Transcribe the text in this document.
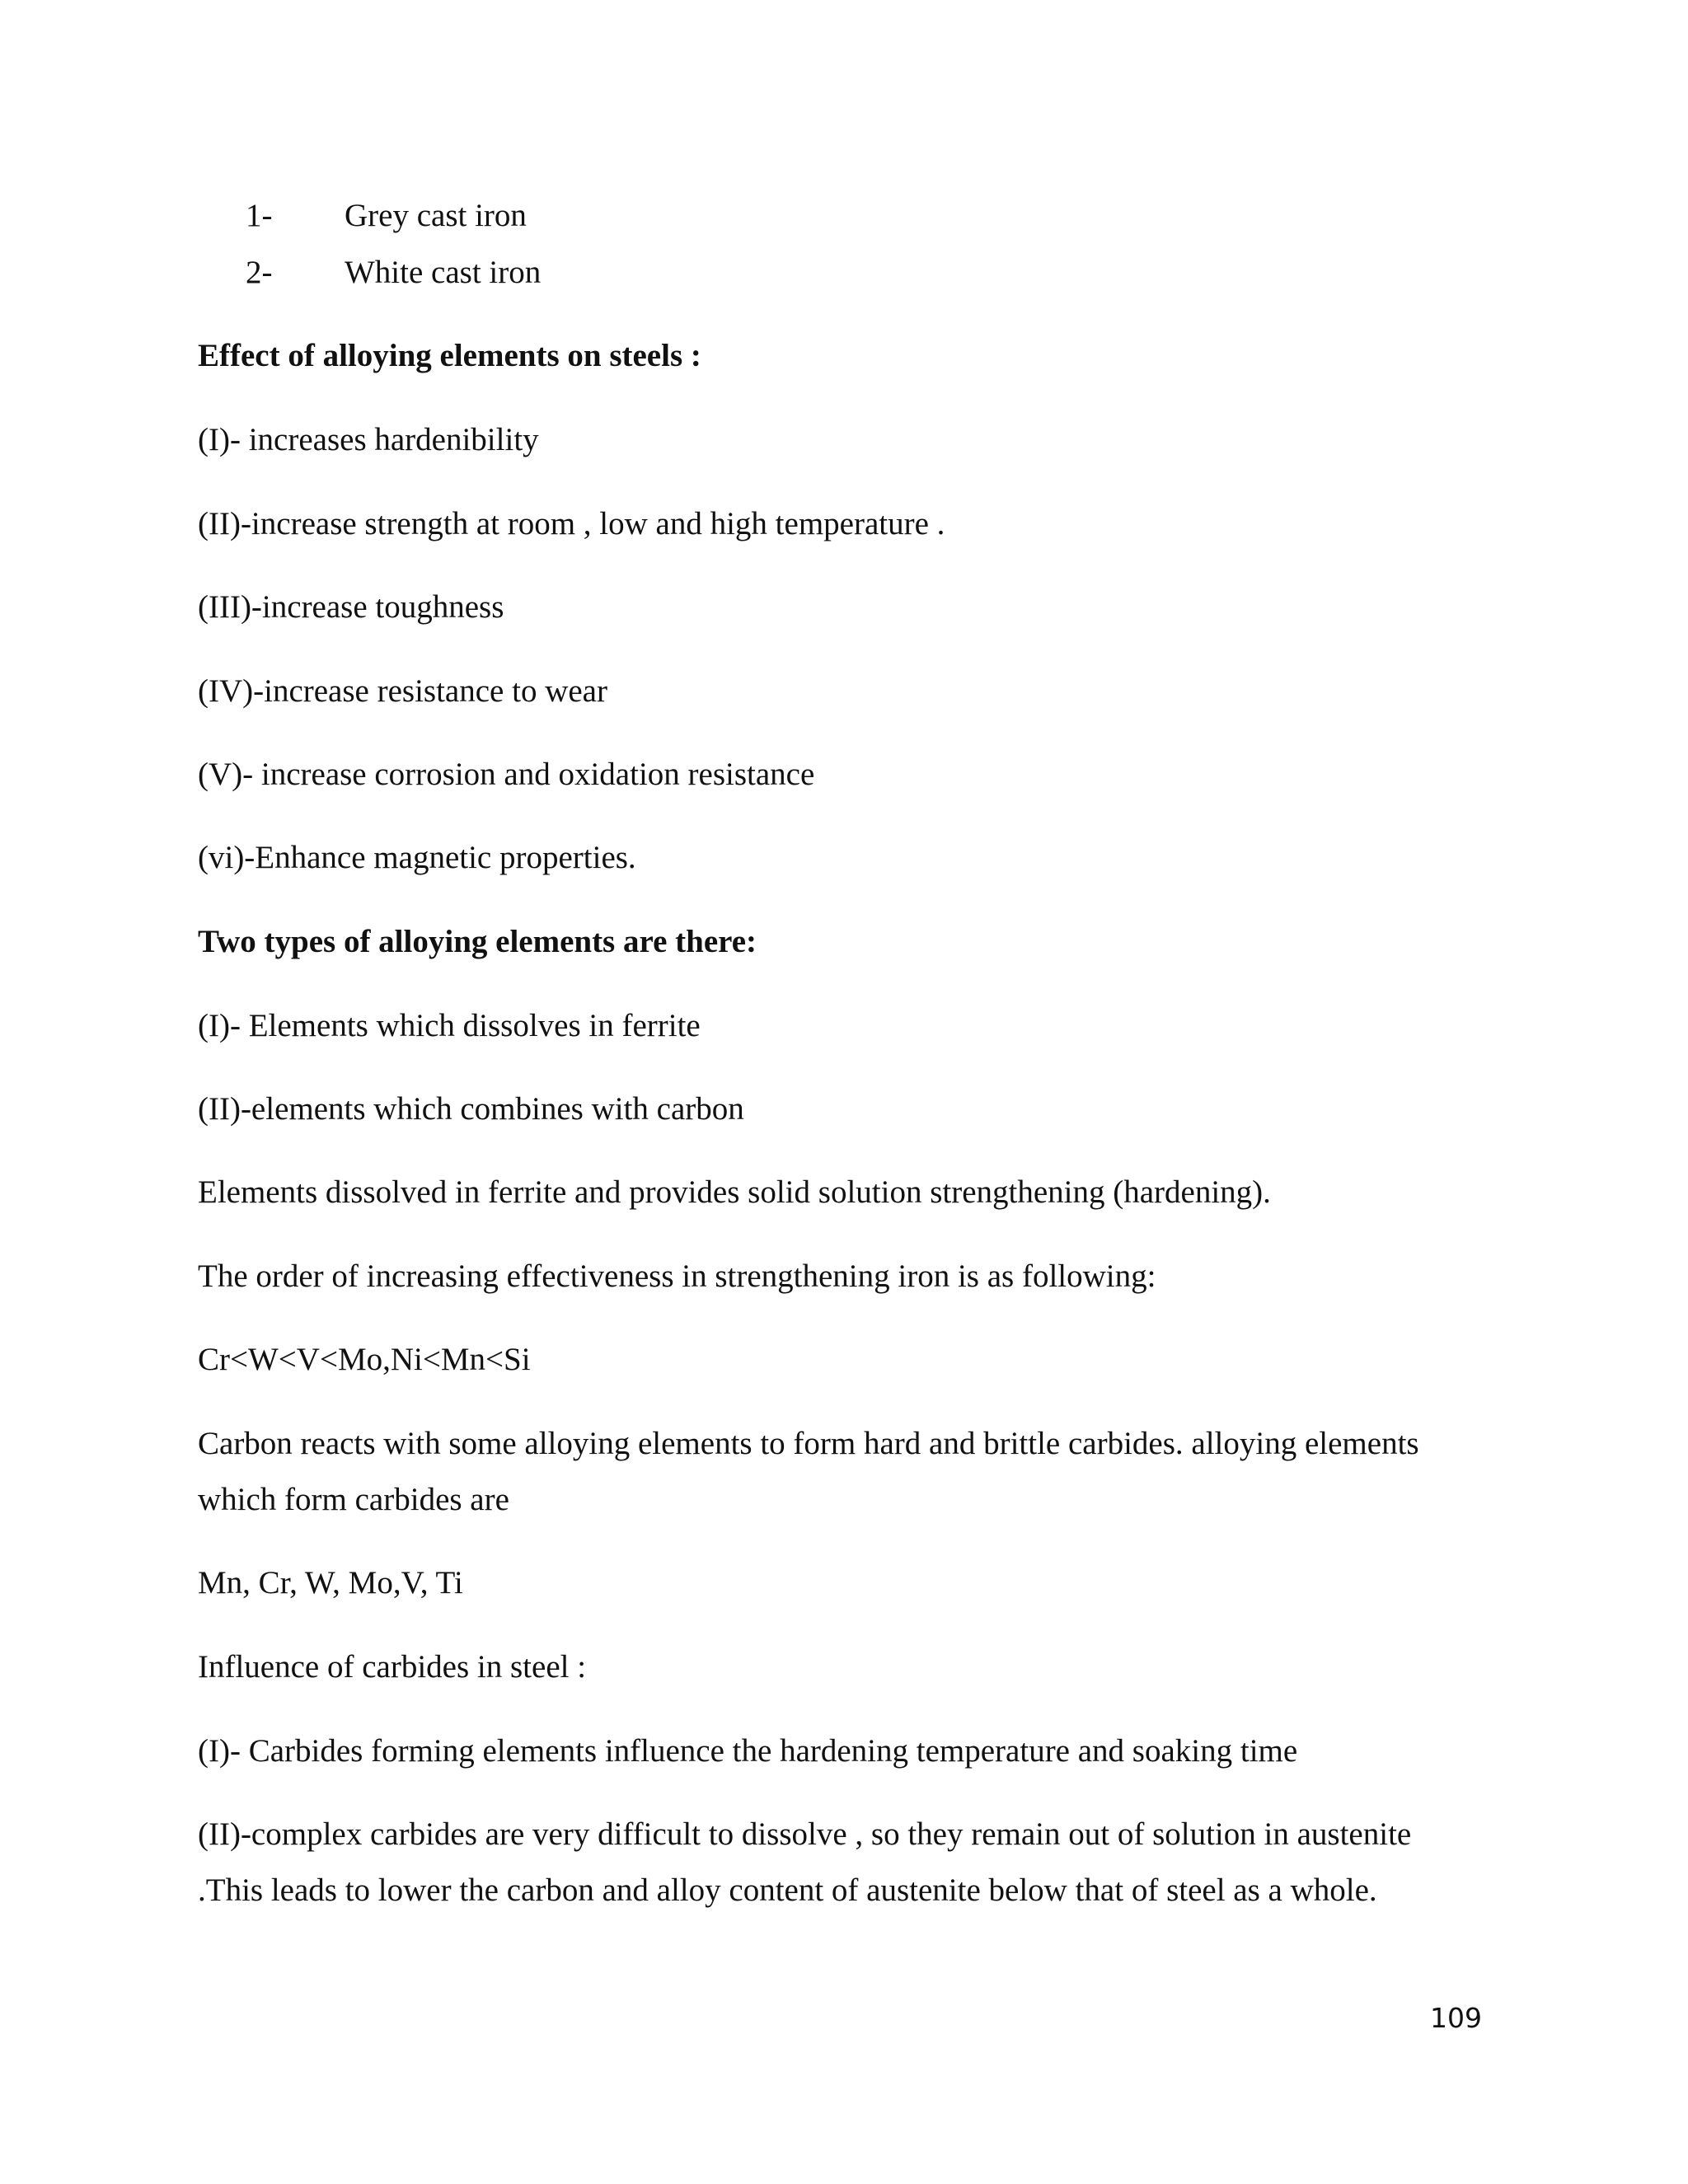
1- Grey cast iron
2- White cast iron
Effect of alloying elements on steels :
(I)- increases hardenibility
(II)-increase strength at room , low and high temperature .
(III)-increase toughness
(IV)-increase resistance to wear
(V)- increase corrosion and oxidation resistance
(vi)-Enhance magnetic properties.
Two types of alloying elements are there:
(I)- Elements which dissolves in ferrite
(II)-elements which combines with carbon
Elements dissolved in ferrite and provides solid solution strengthening (hardening).
The order of increasing effectiveness in strengthening iron is as following:
Cr<W<V<Mo,Ni<Mn<Si
Carbon reacts with some alloying elements to form hard and brittle carbides. alloying elements
which form carbides are
Mn, Cr, W, Mo,V, Ti
Influence of carbides in steel :
(I)- Carbides forming elements influence the hardening temperature and soaking time
(II)-complex carbides are very difficult to dissolve , so they remain out of solution in austenite
.This leads to lower the carbon and alloy content of austenite below that of steel as a whole.
109
